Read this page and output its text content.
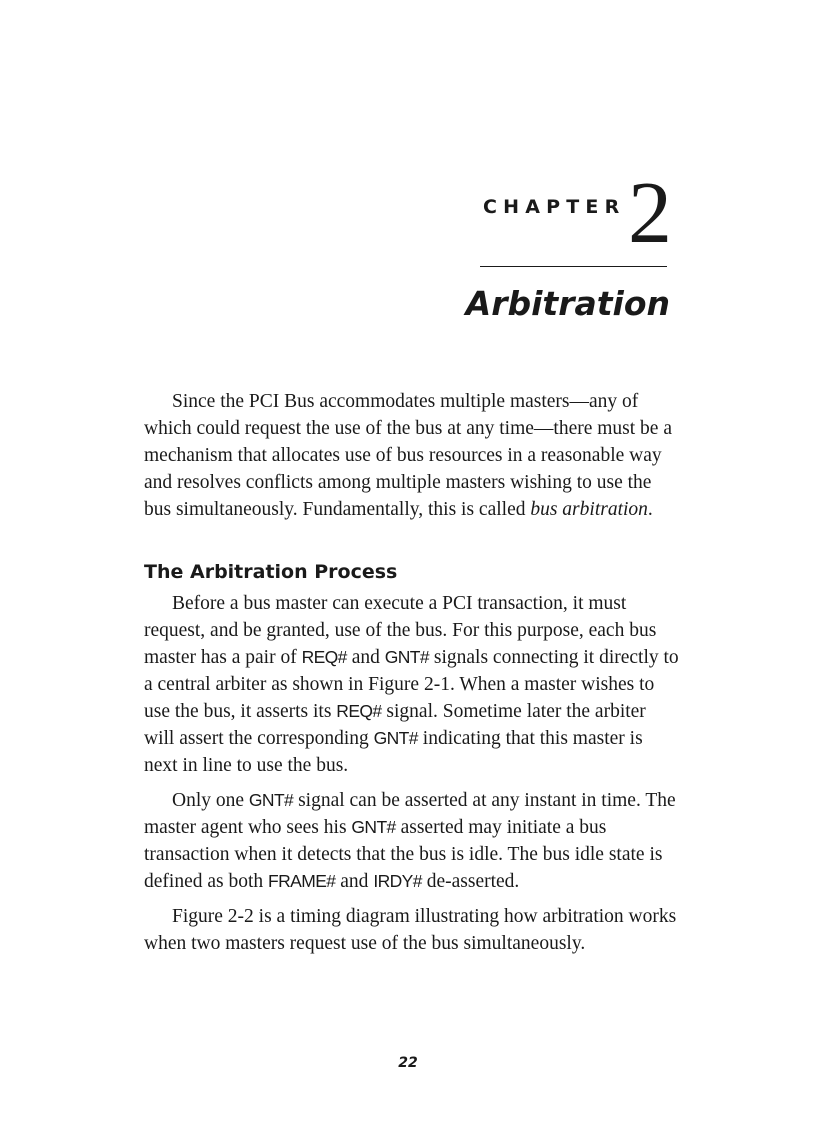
CHAPTER 2
Arbitration

Since the PCI Bus accommodates multiple masters—any of which could request the use of the bus at any time—there must be a mechanism that allocates use of bus resources in a reasonable way and resolves conflicts among multiple masters wishing to use the bus simultaneously. Fundamentally, this is called bus arbitration.

The Arbitration Process

Before a bus master can execute a PCI transaction, it must request, and be granted, use of the bus. For this purpose, each bus master has a pair of REQ# and GNT# signals connecting it directly to a central arbiter as shown in Figure 2-1. When a master wishes to use the bus, it asserts its REQ# signal. Sometime later the arbiter will assert the corresponding GNT# indicating that this master is next in line to use the bus.

Only one GNT# signal can be asserted at any instant in time. The master agent who sees his GNT# asserted may initiate a bus transaction when it detects that the bus is idle. The bus idle state is defined as both FRAME# and IRDY# de-asserted.

Figure 2-2 is a timing diagram illustrating how arbitration works when two masters request use of the bus simultaneously.

22
